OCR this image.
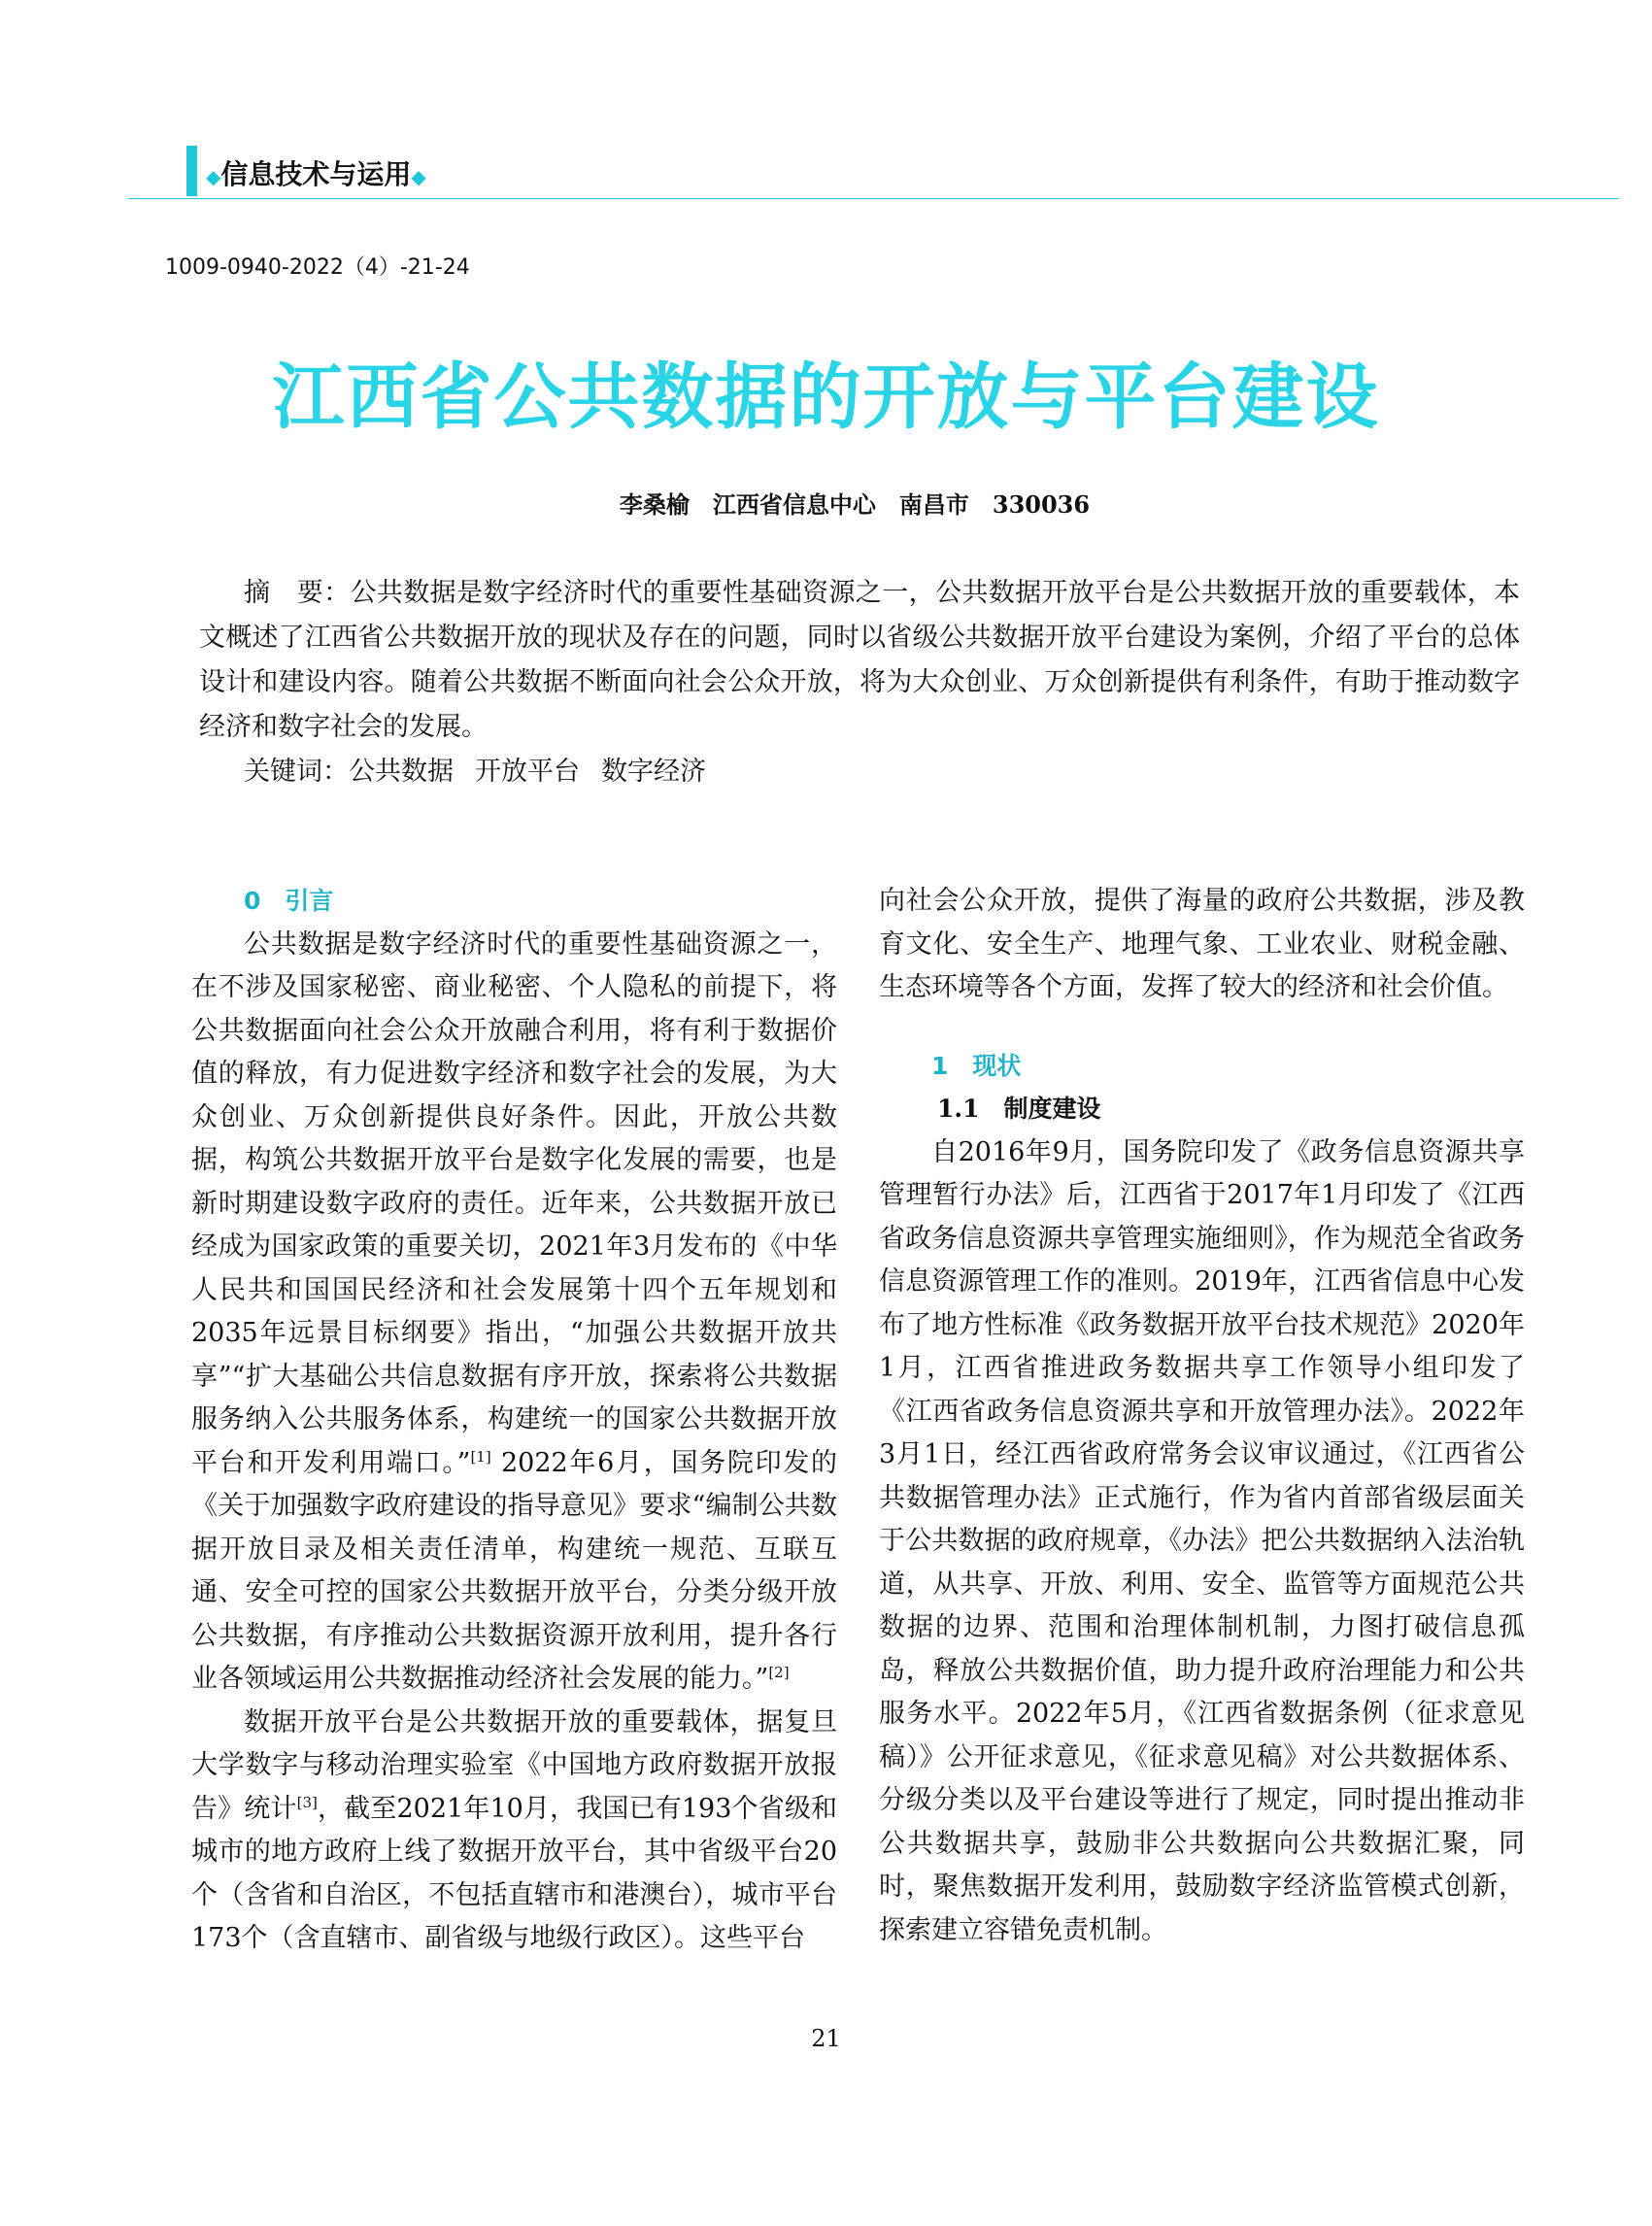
◆信息技术与运用◆
1009-0940-2022（4）-21-24
江西省公共数据的开放与平台建设
李桑榆　江西省信息中心　南昌市　330036

摘　要：公共数据是数字经济时代的重要性基础资源之一，公共数据开放平台是公共数据开放的重要载体，本文概述了江西省公共数据开放的现状及存在的问题，同时以省级公共数据开放平台建设为案例，介绍了平台的总体设计和建设内容。随着公共数据不断面向社会公众开放，将为大众创业、万众创新提供有利条件，有助于推动数字经济和数字社会的发展。

关键词：公共数据 开放平台 数字经济
0　引言

公共数据是数字经济时代的重要性基础资源之一，在不涉及国家秘密、商业秘密、个人隐私的前提下，将公共数据面向社会公众开放融合利用，将有利于数据价值的释放，有力促进数字经济和数字社会的发展，为大众创业、万众创新提供良好条件。因此，开放公共数据，构筑公共数据开放平台是数字化发展的需要，也是新时期建设数字政府的责任。近年来，公共数据开放已经成为国家政策的重要关切，2021年3月发布的《中华人民共和国国民经济和社会发展第十四个五年规划和2035年远景目标纲要》指出，“加强公共数据开放共享”“扩大基础公共信息数据有序开放，探索将公共数据服务纳入公共服务体系，构建统一的国家公共数据开放平台和开发利用端口。”[1] 2022年6月，国务院印发的《关于加强数字政府建设的指导意见》要求“编制公共数据开放目录及相关责任清单，构建统一规范、互联互通、安全可控的国家公共数据开放平台，分类分级开放公共数据，有序推动公共数据资源开放利用，提升各行业各领域运用公共数据推动经济社会发展的能力。”[2]

数据开放平台是公共数据开放的重要载体，据复旦大学数字与移动治理实验室《中国地方政府数据开放报告》统计[3]，截至2021年10月，我国已有193个省级和城市的地方政府上线了数据开放平台，其中省级平台20个（含省和自治区，不包括直辖市和港澳台），城市平台173个（含直辖市、副省级与地级行政区）。这些平台

向社会公众开放，提供了海量的政府公共数据，涉及教育文化、安全生产、地理气象、工业农业、财税金融、生态环境等各个方面，发挥了较大的经济和社会价值。

1　现状
1.1　制度建设

自2016年9月，国务院印发了《政务信息资源共享管理暂行办法》后，江西省于2017年1月印发了《江西省政务信息资源共享管理实施细则》，作为规范全省政务信息资源管理工作的准则。2019年，江西省信息中心发布了地方性标准《政务数据开放平台技术规范》2020年1月，江西省推进政务数据共享工作领导小组印发了《江西省政务信息资源共享和开放管理办法》。2022年3月1日，经江西省政府常务会议审议通过，《江西省公共数据管理办法》正式施行，作为省内首部省级层面关于公共数据的政府规章，《办法》把公共数据纳入法治轨道，从共享、开放、利用、安全、监管等方面规范公共数据的边界、范围和治理体制机制，力图打破信息孤岛，释放公共数据价值，助力提升政府治理能力和公共服务水平。2022年5月，《江西省数据条例（征求意见稿）》公开征求意见，《征求意见稿》对公共数据体系、分级分类以及平台建设等进行了规定，同时提出推动非公共数据共享，鼓励非公共数据向公共数据汇聚，同时，聚焦数据开发利用，鼓励数字经济监管模式创新，探索建立容错免责机制。

21
